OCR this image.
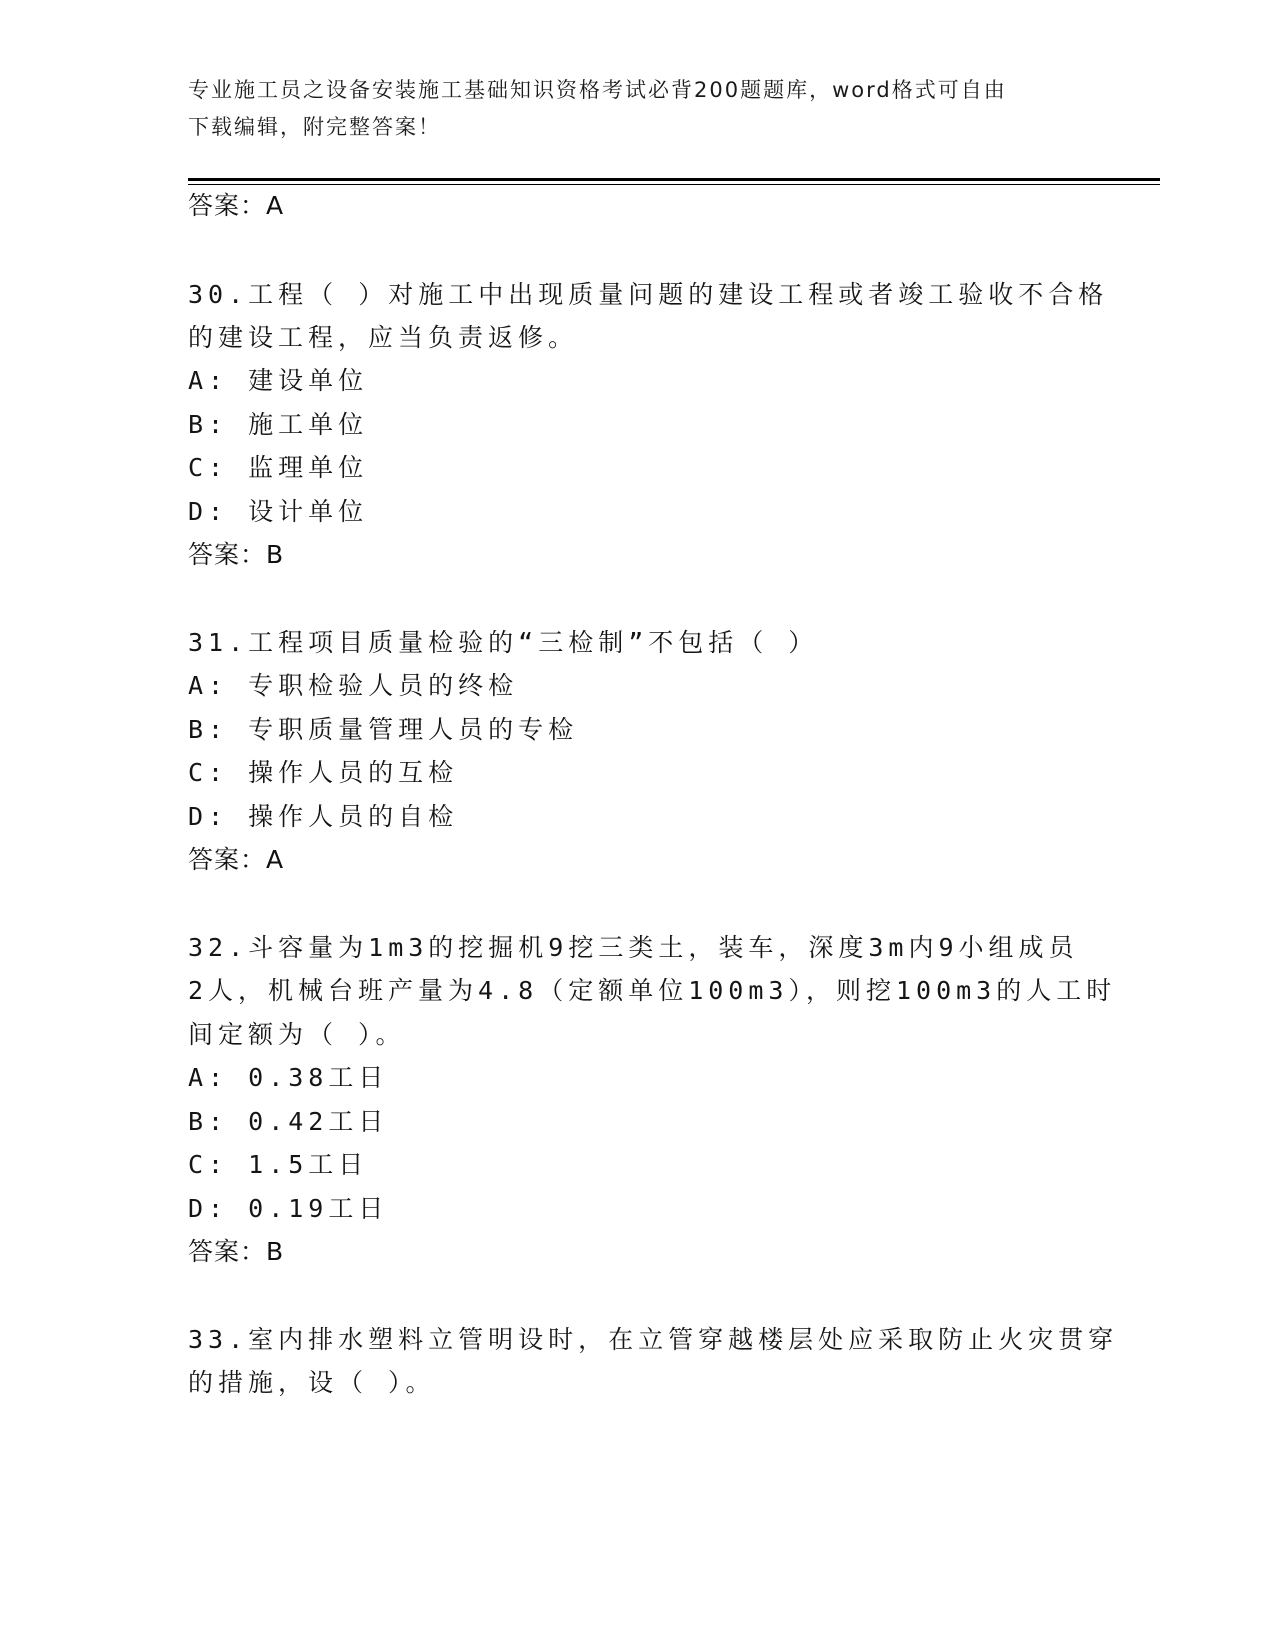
专业施工员之设备安装施工基础知识资格考试必背200题题库，word格式可自由
下载编辑，附完整答案！
答案：A
30.工程（ ）对施工中出现质量问题的建设工程或者竣工验收不合格
的建设工程，应当负责返修。
A: 建设单位
B: 施工单位
C: 监理单位
D: 设计单位
答案：B
31.工程项目质量检验的“三检制”不包括（ ）
A: 专职检验人员的终检
B: 专职质量管理人员的专检
C: 操作人员的互检
D: 操作人员的自检
答案：A
32.斗容量为1m3的挖掘机9挖三类土，装车，深度3m内9小组成员
2人，机械台班产量为4.8（定额单位100m3），则挖100m3的人工时
间定额为（ ）。
A: 0.38工日
B: 0.42工日
C: 1.5工日
D: 0.19工日
答案：B
33.室内排水塑料立管明设时，在立管穿越楼层处应采取防止火灾贯穿
的措施，设（ ）。
